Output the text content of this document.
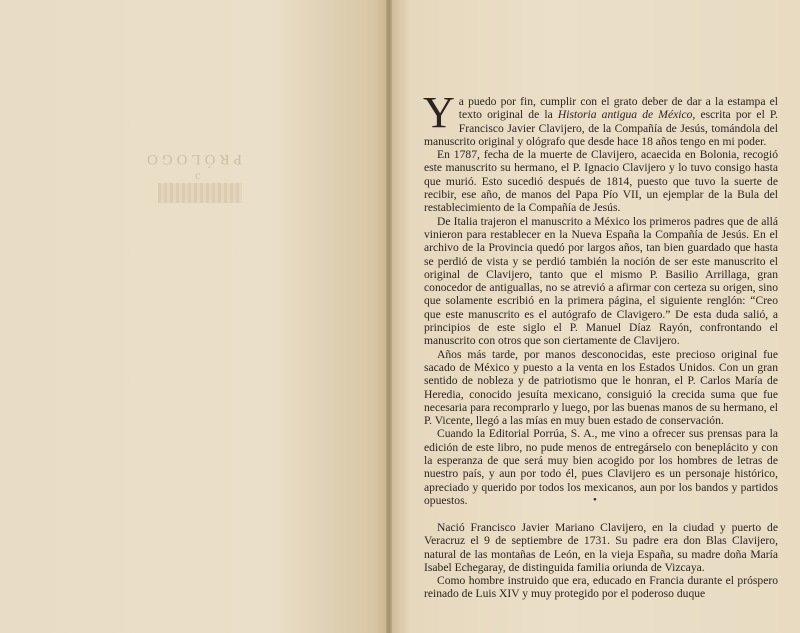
PRÓLOGO
c

Ya puedo por fin, cumplir con el grato deber de dar a la estampa el texto original de la Historia antigua de México, escrita por el P. Francisco Javier Clavijero, de la Compañía de Jesús, tomándola del manuscrito original y ológrafo que desde hace 18 años tengo en mi poder.

En 1787, fecha de la muerte de Clavijero, acaecida en Bolonia, recogió este manuscrito su hermano, el P. Ignacio Clavijero y lo tuvo consigo hasta que murió. Esto sucedió después de 1814, puesto que tuvo la suerte de recibir, ese año, de manos del Papa Pío VII, un ejemplar de la Bula del restablecimiento de la Compañía de Jesús.

De Italia trajeron el manuscrito a México los primeros padres que de allá vinieron para restablecer en la Nueva España la Compañía de Jesús. En el archivo de la Provincia quedó por largos años, tan bien guardado que hasta se perdió de vista y se perdió también la noción de ser este manuscrito el original de Clavijero, tanto que el mismo P. Basilio Arrillaga, gran conocedor de antiguallas, no se atrevió a afirmar con certeza su origen, sino que solamente escribió en la primera página, el siguiente renglón: “Creo que este manuscrito es el autógrafo de Clavigero.” De esta duda salió, a principios de este siglo el P. Manuel Díaz Rayón, confrontando el manuscrito con otros que son ciertamente de Clavijero.

Años más tarde, por manos desconocidas, este precioso original fue sacado de México y puesto a la venta en los Estados Unidos. Con un gran sentido de nobleza y de patriotismo que le honran, el P. Carlos María de Heredia, conocido jesuíta mexicano, consiguió la crecida suma que fue necesaria para recomprarlo y luego, por las buenas manos de su hermano, el P. Vicente, llegó a las mías en muy buen estado de conservación.

Cuando la Editorial Porrúa, S. A., me vino a ofrecer sus prensas para la edición de este libro, no pude menos de entregárselo con beneplácito y con la esperanza de que será muy bien acogido por los hombres de letras de nuestro país, y aun por todo él, pues Clavijero es un personaje histórico, apreciado y querido por todos los mexicanos, aun por los bandos y partidos opuestos.	•

Nació Francisco Javier Mariano Clavijero, en la ciudad y puerto de Veracruz el 9 de septiembre de 1731. Su padre era don Blas Clavijero, natural de las montañas de León, en la vieja España, su madre doña María Isabel Echegaray, de distinguida familia oriunda de Vizcaya.

Como hombre instruido que era, educado en Francia durante el próspero reinado de Luis XIV y muy protegido por el poderoso duque
